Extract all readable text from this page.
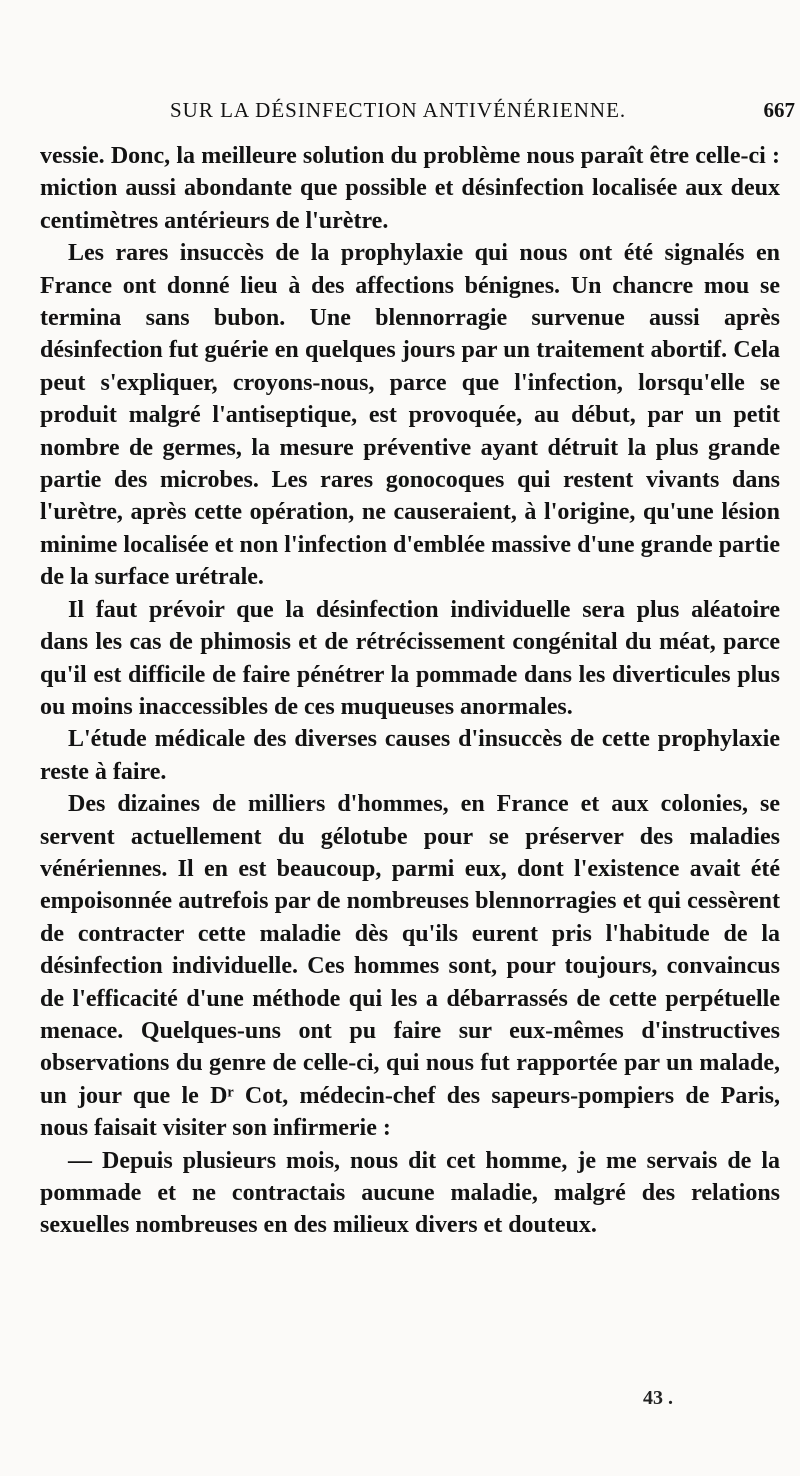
SUR LA DÉSINFECTION ANTIVÉNÉRIENNE.	667

vessie. Donc, la meilleure solution du problème nous paraît être celle-ci : miction aussi abondante que possible et désinfection localisée aux deux centimètres antérieurs de l'urètre.

Les rares insuccès de la prophylaxie qui nous ont été signalés en France ont donné lieu à des affections bénignes. Un chancre mou se termina sans bubon. Une blennorragie survenue aussi après désinfection fut guérie en quelques jours par un traitement abortif. Cela peut s'expliquer, croyons-nous, parce que l'infection, lorsqu'elle se produit malgré l'antiseptique, est provoquée, au début, par un petit nombre de germes, la mesure préventive ayant détruit la plus grande partie des microbes. Les rares gonocoques qui restent vivants dans l'urètre, après cette opération, ne causeraient, à l'origine, qu'une lésion minime localisée et non l'infection d'emblée massive d'une grande partie de la surface urétrale.

Il faut prévoir que la désinfection individuelle sera plus aléatoire dans les cas de phimosis et de rétrécissement congénital du méat, parce qu'il est difficile de faire pénétrer la pommade dans les diverticules plus ou moins inaccessibles de ces muqueuses anormales.

L'étude médicale des diverses causes d'insuccès de cette prophylaxie reste à faire.

Des dizaines de milliers d'hommes, en France et aux colonies, se servent actuellement du gélotube pour se préserver des maladies vénériennes. Il en est beaucoup, parmi eux, dont l'existence avait été empoisonnée autrefois par de nombreuses blennorragies et qui cessèrent de contracter cette maladie dès qu'ils eurent pris l'habitude de la désinfection individuelle. Ces hommes sont, pour toujours, convaincus de l'efficacité d'une méthode qui les a débarrassés de cette perpétuelle menace. Quelques-uns ont pu faire sur eux-mêmes d'instructives observations du genre de celle-ci, qui nous fut rapportée par un malade, un jour que le Dʳ Cot, médecin-chef des sapeurs-pompiers de Paris, nous faisait visiter son infirmerie :

— Depuis plusieurs mois, nous dit cet homme, je me servais de la pommade et ne contractais aucune maladie, malgré des relations sexuelles nombreuses en des milieux divers et douteux.

43 .
